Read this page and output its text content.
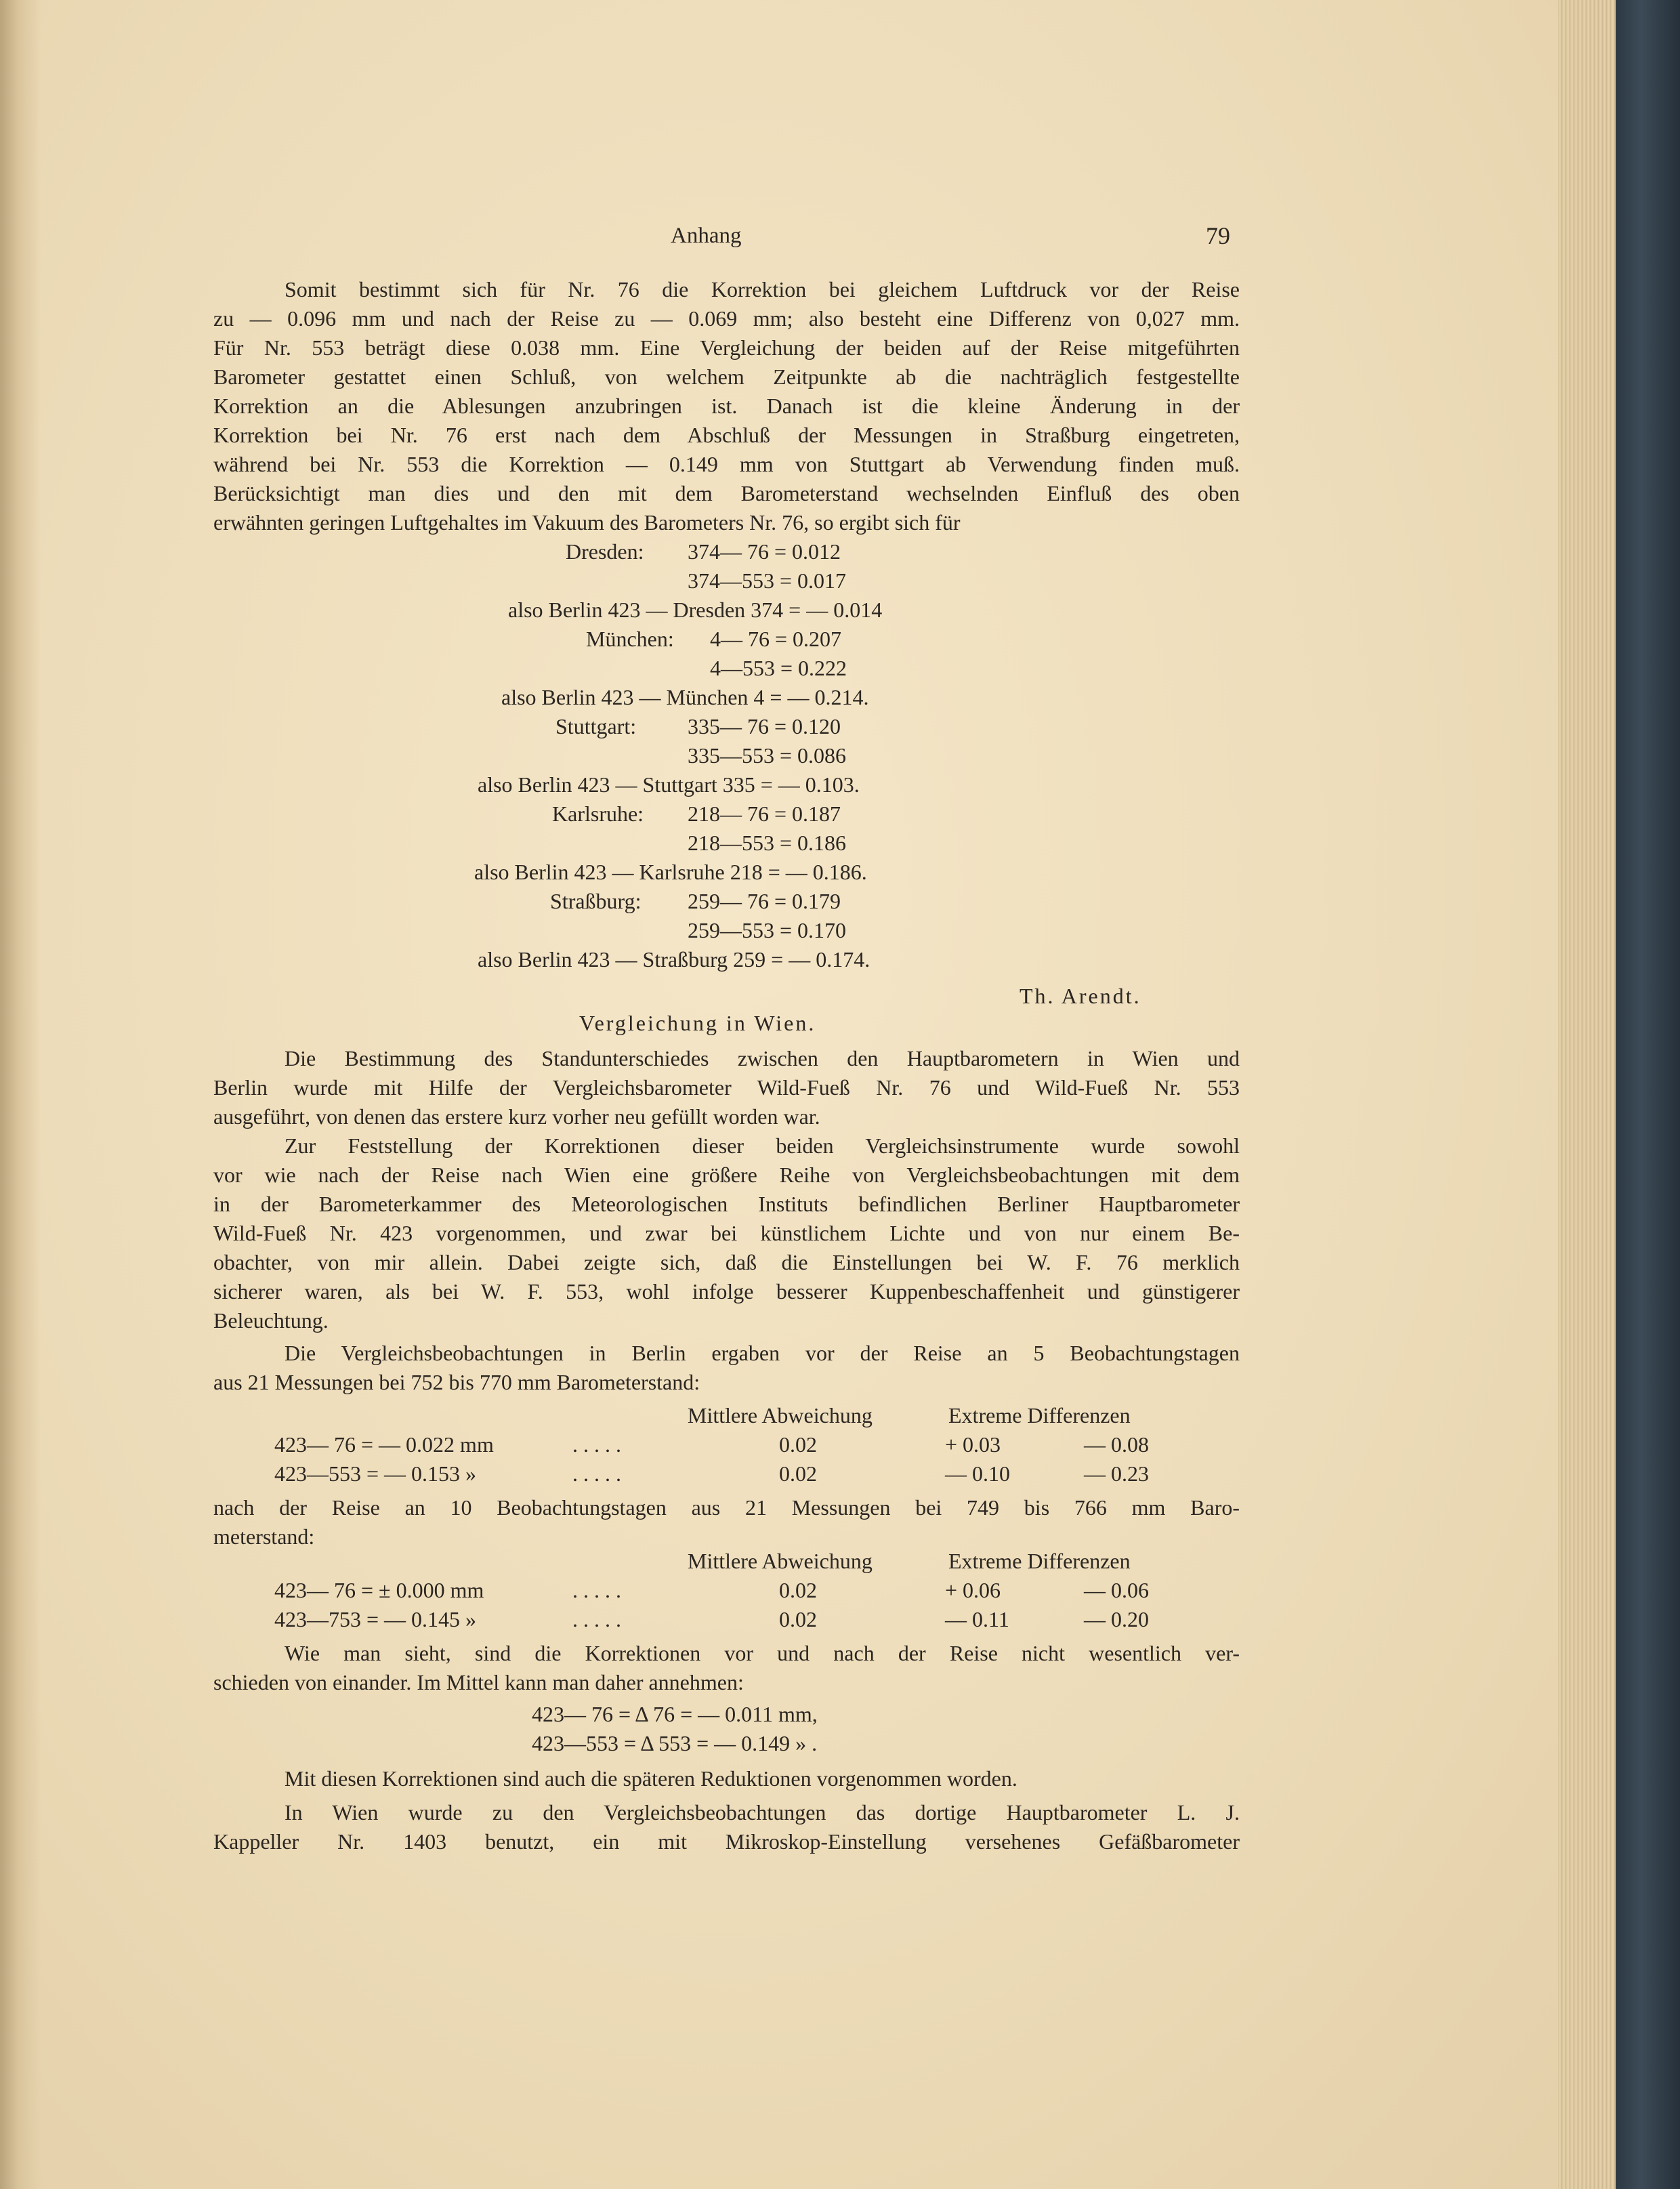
Anhang	79

Somit bestimmt sich für Nr. 76 die Korrektion bei gleichem Luftdruck vor der Reise

zu — 0.096 mm und nach der Reise zu — 0.069 mm; also besteht eine Differenz von 0,027 mm.

Für Nr. 553 beträgt diese 0.038 mm. Eine Vergleichung der beiden auf der Reise mitgeführten

Barometer gestattet einen Schluß, von welchem Zeitpunkte ab die nachträglich festgestellte

Korrektion an die Ablesungen anzubringen ist. Danach ist die kleine Änderung in der

Korrektion bei Nr. 76 erst nach dem Abschluß der Messungen in Straßburg eingetreten,

während bei Nr. 553 die Korrektion — 0.149 mm von Stuttgart ab Verwendung finden muß.

Berücksichtigt man dies und den mit dem Barometerstand wechselnden Einfluß des oben

erwähnten geringen Luftgehaltes im Vakuum des Barometers Nr. 76, so ergibt sich für

Dresden: 374— 76 = 0.012

374—553 = 0.017

also Berlin 423 — Dresden 374 = — 0.014

München: 4— 76 = 0.207

4—553 = 0.222

also Berlin 423 — München 4 = — 0.214.

Stuttgart: 335— 76 = 0.120

335—553 = 0.086

also Berlin 423 — Stuttgart 335 = — 0.103.

Karlsruhe: 218— 76 = 0.187

218—553 = 0.186

also Berlin 423 — Karlsruhe 218 = — 0.186.

Straßburg: 259— 76 = 0.179

259—553 = 0.170

also Berlin 423 — Straßburg 259 = — 0.174.

Th. Arendt.

Vergleichung in Wien.

Die Bestimmung des Standunterschiedes zwischen den Hauptbarometern in Wien und

Berlin wurde mit Hilfe der Vergleichsbarometer Wild-Fueß Nr. 76 und Wild-Fueß Nr. 553

ausgeführt, von denen das erstere kurz vorher neu gefüllt worden war.

Zur Feststellung der Korrektionen dieser beiden Vergleichsinstrumente wurde sowohl

vor wie nach der Reise nach Wien eine größere Reihe von Vergleichsbeobachtungen mit dem

in der Barometerkammer des Meteorologischen Instituts befindlichen Berliner Hauptbarometer

Wild-Fueß Nr. 423 vorgenommen, und zwar bei künstlichem Lichte und von nur einem Be-

obachter, von mir allein. Dabei zeigte sich, daß die Einstellungen bei W. F. 76 merklich

sicherer waren, als bei W. F. 553, wohl infolge besserer Kuppenbeschaffenheit und günstigerer

Beleuchtung.

Die Vergleichsbeobachtungen in Berlin ergaben vor der Reise an 5 Beobachtungstagen

aus 21 Messungen bei 752 bis 770 mm Barometerstand:

Mittlere Abweichung	Extreme Differenzen

423— 76 = — 0.022 mm	. . . . .	0.02	+ 0.03	— 0.08

423—553 = — 0.153 »	. . . . .	0.02	— 0.10	— 0.23

nach der Reise an 10 Beobachtungstagen aus 21 Messungen bei 749 bis 766 mm Baro-

meterstand:

Mittlere Abweichung	Extreme Differenzen

423— 76 = ± 0.000 mm	. . . . .	0.02	+ 0.06	— 0.06

423—753 = — 0.145 »	. . . . .	0.02	— 0.11	— 0.20

Wie man sieht, sind die Korrektionen vor und nach der Reise nicht wesentlich ver-

schieden von einander. Im Mittel kann man daher annehmen:

423— 76 = Δ 76 = — 0.011 mm,

423—553 = Δ 553 = — 0.149 » .

Mit diesen Korrektionen sind auch die späteren Reduktionen vorgenommen worden.

In Wien wurde zu den Vergleichsbeobachtungen das dortige Hauptbarometer L. J.

Kappeller Nr. 1403 benutzt, ein mit Mikroskop-Einstellung versehenes Gefäßbarometer
